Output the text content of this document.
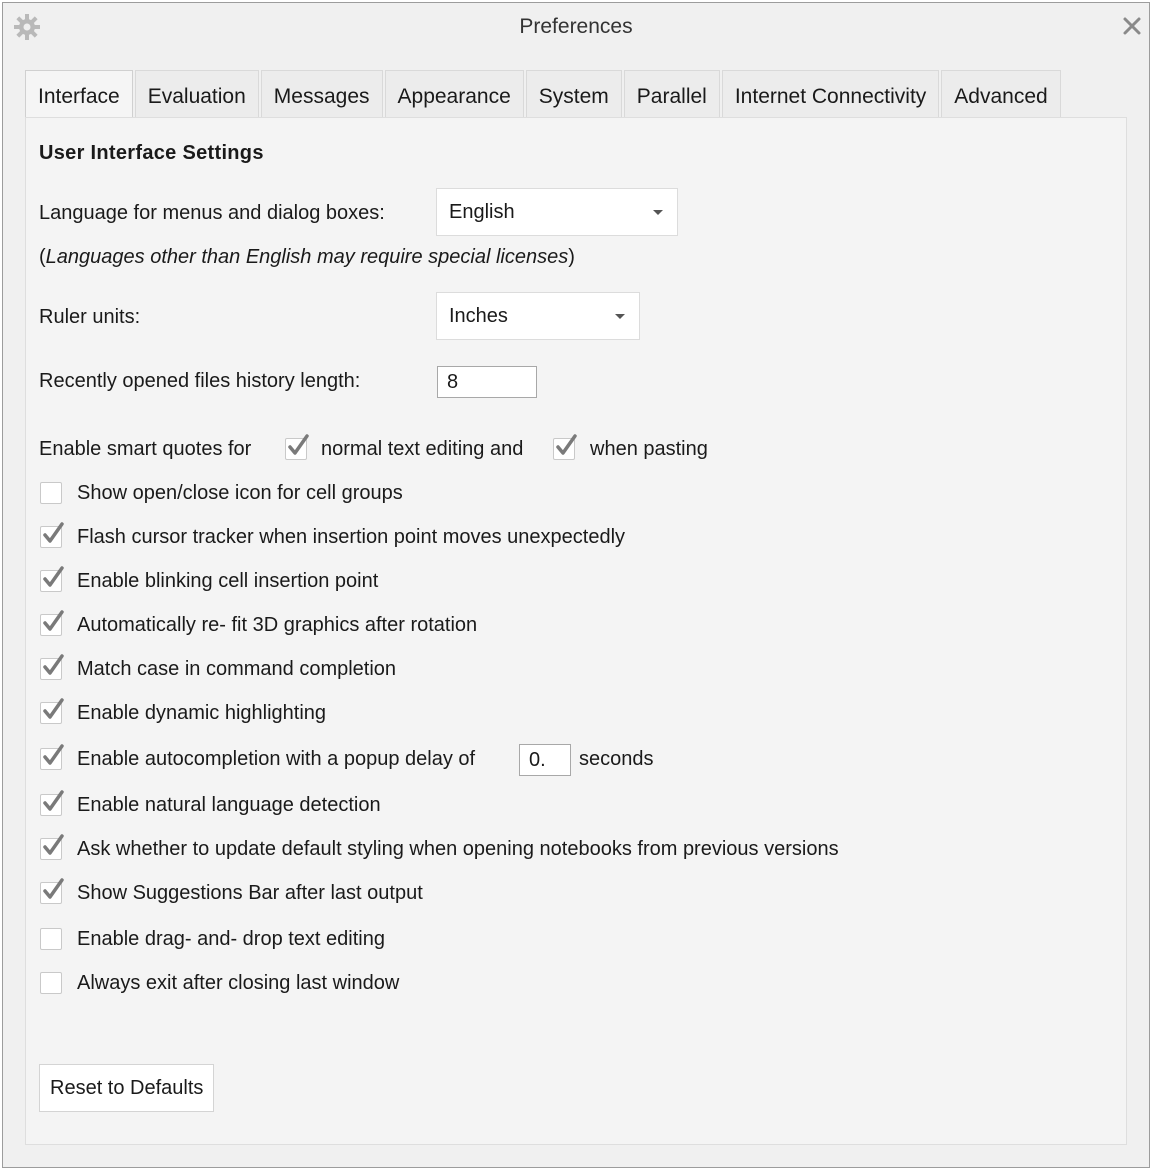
Preferences
Interface	Evaluation	Messages	Appearance	System	Parallel	Internet Connectivity	Advanced
User Interface Settings
Language for menus and dialog boxes:	English
(Languages other than English may require special licenses)
Ruler units:	Inches
Recently opened files history length:	8
Enable smart quotes for	normal text editing and	when pasting
Show open/close icon for cell groups
Flash cursor tracker when insertion point moves unexpectedly
Enable blinking cell insertion point
Automatically re- fit 3D graphics after rotation
Match case in command completion
Enable dynamic highlighting
Enable autocompletion with a popup delay of	0.	seconds
Enable natural language detection
Ask whether to update default styling when opening notebooks from previous versions
Show Suggestions Bar after last output
Enable drag- and- drop text editing
Always exit after closing last window
Reset to Defaults
